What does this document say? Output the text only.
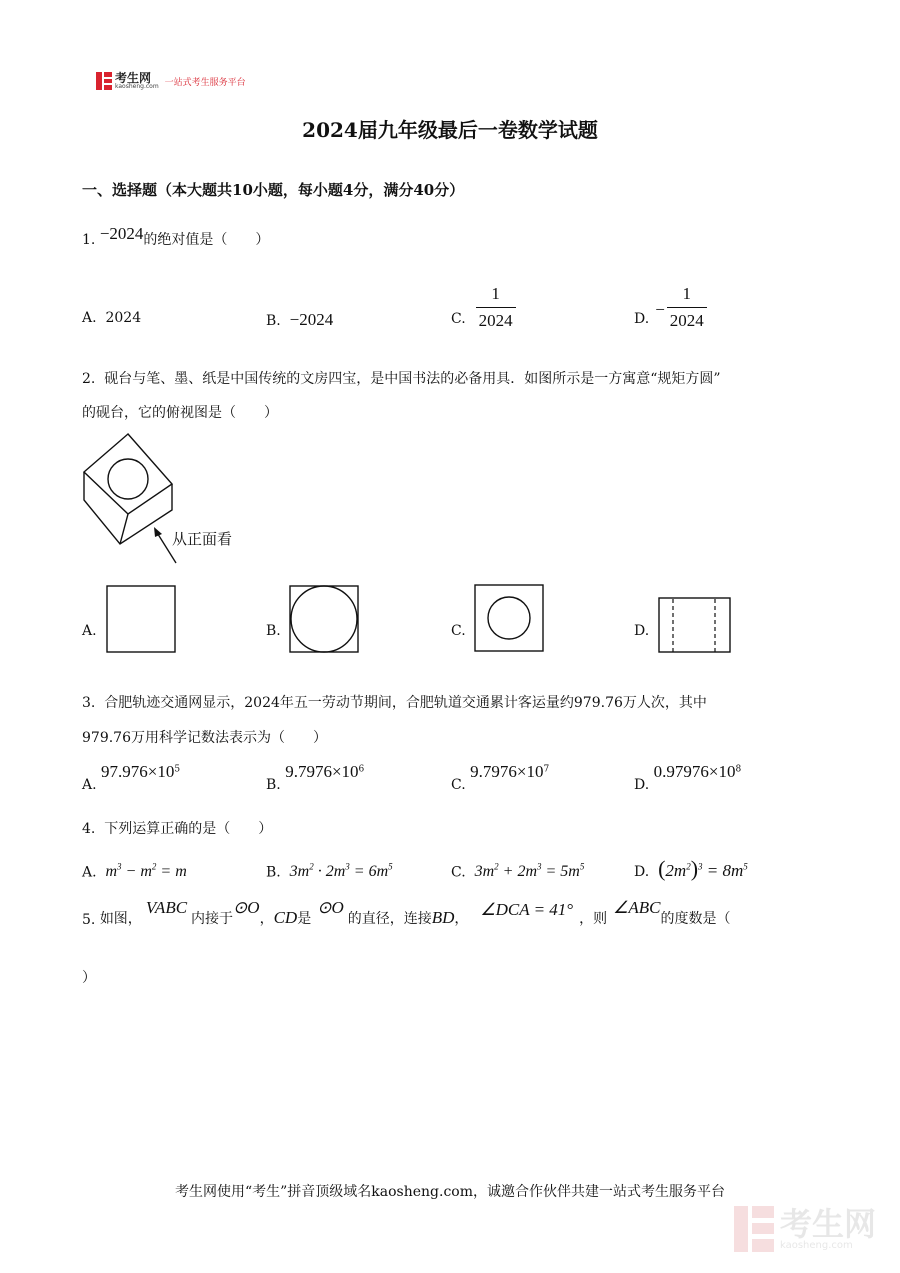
考生网
kaosheng.com 一站式考生服务平台
2024届九年级最后一卷数学试题
一、选择题（本大题共10小题，每小题4分，满分40分）
1. −2024的绝对值是（　　）
A. 2024	B. −2024	C. $\frac{1}{2024}$	D. − $\frac{1}{2024}$
2. 砚台与笔、墨、纸是中国传统的文房四宝，是中国书法的必备用具．如图所示是一方寓意“规矩方圆”
的砚台，它的俯视图是（　　）
从正面看
A.	B.	C.	D.
3. 合肥轨迹交通网显示，2024年五一劳动节期间，合肥轨道交通累计客运量约979.76万人次，其中
979.76万用科学记数法表示为（　　）
A. $97.976\times 10^5$
B. $9.7976\times 10^6$
C. $9.7976\times 10^7$
D. $0.97976\times 10^8$
4. 下列运算正确的是（　　）
A. $m^3 - m^2 = m$	B. $3m^2 \cdot 2m^3 = 6m^5$	C. $3m^2 + 2m^3 = 5m^5$	D. $(2m^2)^3 = 8m^5$
5.
如图，
VABC
内接于
⊙O
， CD 是
⊙O
的直径，连接 BD ， ∠DCA = 41° ，则
∠ABC
的度数是（
）
考生网使用“考生”拼音顶级域名kaosheng.com，诚邀合作伙伴共建一站式考生服务平台
考生网
kaosheng.com
